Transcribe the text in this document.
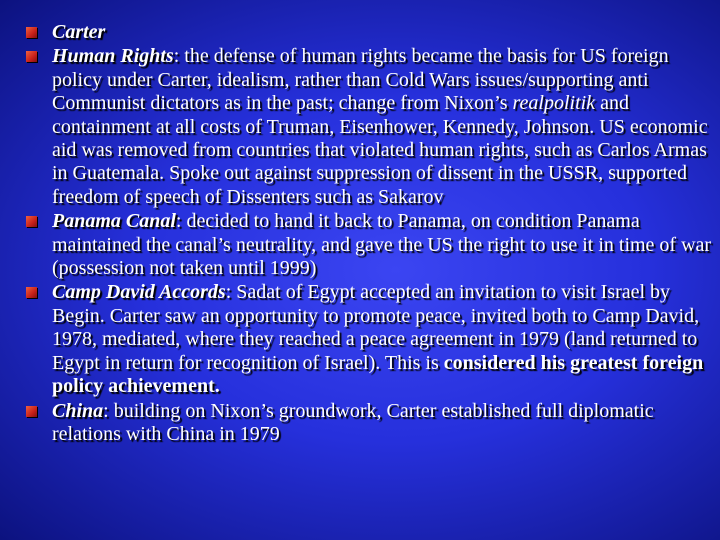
Carter
Human Rights: the defense of human rights became the basis for US foreign policy under Carter, idealism, rather than Cold Wars issues/supporting anti Communist dictators as in the past; change from Nixon’s realpolitik and containment at all costs of Truman, Eisenhower, Kennedy, Johnson. US economic aid was removed from countries that violated human rights, such as Carlos Armas in Guatemala. Spoke out against suppression of dissent in the USSR, supported freedom of speech of Dissenters such as Sakarov
Panama Canal: decided to hand it back to Panama, on condition Panama maintained the canal’s neutrality, and gave the US the right to use it in time of war (possession not taken until 1999)
Camp David Accords: Sadat of Egypt accepted an invitation to visit Israel by Begin. Carter saw an opportunity to promote peace, invited both to Camp David, 1978, mediated, where they reached a peace agreement in 1979 (land returned to Egypt in return for recognition of Israel). This is considered his greatest foreign policy achievement.
China: building on Nixon’s groundwork, Carter established full diplomatic relations with China in 1979
